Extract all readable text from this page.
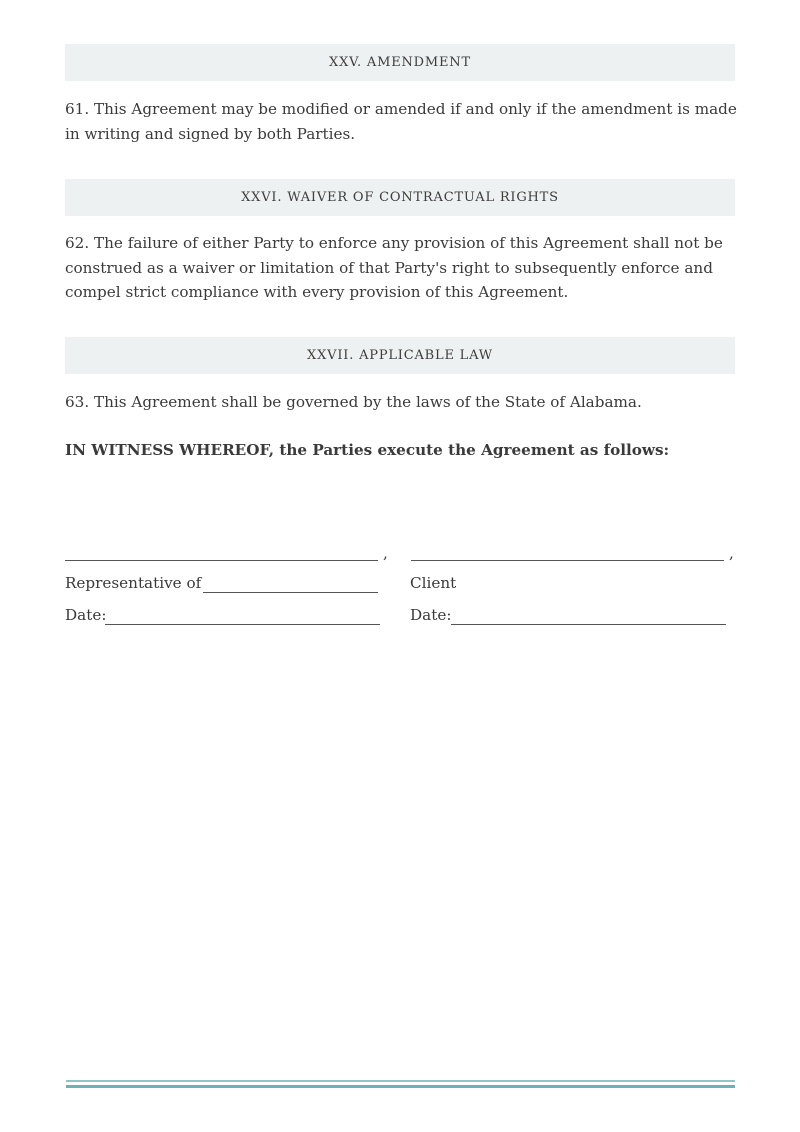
XXV. AMENDMENT
61. This Agreement may be modified or amended if and only if the amendment is made in writing and signed by both Parties.
XXVI. WAIVER OF CONTRACTUAL RIGHTS
62. The failure of either Party to enforce any provision of this Agreement shall not be construed as a waiver or limitation of that Party's right to subsequently enforce and compel strict compliance with every provision of this Agreement.
XXVII. APPLICABLE LAW
63. This Agreement shall be governed by the laws of the State of Alabama.
IN WITNESS WHEREOF, the Parties execute the Agreement as follows:
,
Representative of
Date:
,
Client
Date:
